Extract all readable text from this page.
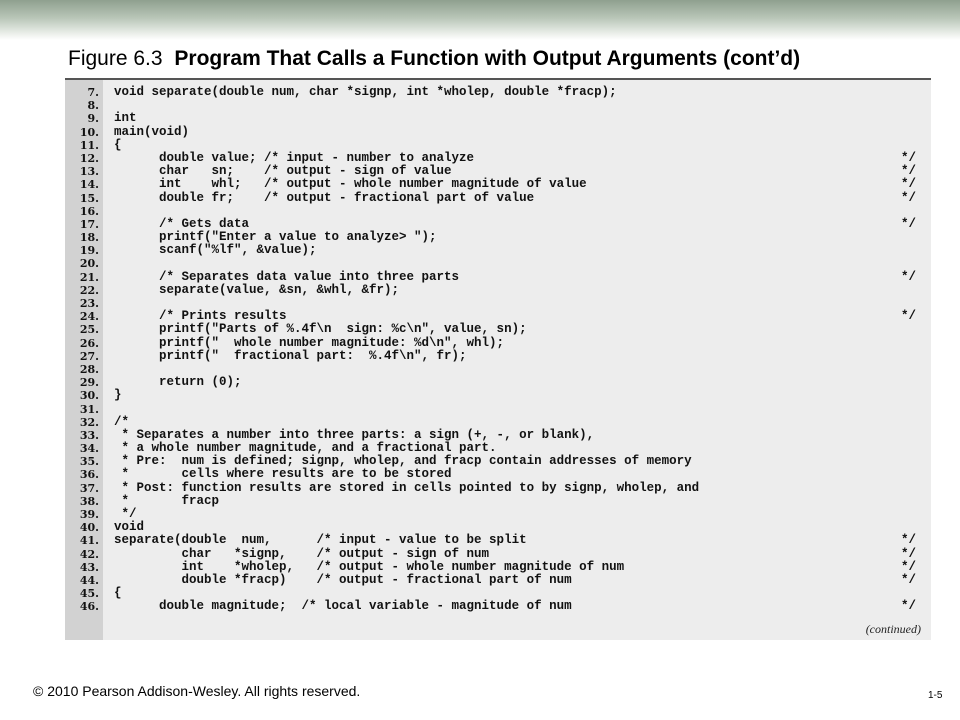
Figure 6.3 Program That Calls a Function with Output Arguments (cont’d)
7. void separate(double num, char *signp, int *wholep, double *fracp);
8.
9. int
10. main(void)
11. {
12. double value; /* input - number to analyze	*/
13. char   sn;    /* output - sign of value	*/
14. int    whl;   /* output - whole number magnitude of value	*/
15. double fr;    /* output - fractional part of value	*/
16.
17. /* Gets data	*/
18. printf("Enter a value to analyze> ");
19. scanf("%lf", &value);
20.
21. /* Separates data value into three parts	*/
22. separate(value, &sn, &whl, &fr);
23.
24. /* Prints results	*/
25. printf("Parts of %.4f\n  sign: %c\n", value, sn);
26. printf("  whole number magnitude: %d\n", whl);
27. printf("  fractional part:  %.4f\n", fr);
28.
29. return (0);
30. }
31.
32. /*
33. * Separates a number into three parts: a sign (+, -, or blank),
34. * a whole number magnitude, and a fractional part.
35. * Pre:  num is defined; signp, wholep, and fracp contain addresses of memory
36. *       cells where results are to be stored
37. * Post: function results are stored in cells pointed to by signp, wholep, and
38. *       fracp
39. */
40. void
41. separate(double  num,      /* input - value to be split	*/
42. char   *signp,    /* output - sign of num	*/
43. int    *wholep,   /* output - whole number magnitude of num	*/
44. double *fracp)    /* output - fractional part of num	*/
45. {
46. double magnitude;  /* local variable - magnitude of num	*/
(continued)
© 2010 Pearson Addison-Wesley. All rights reserved.	1-5
